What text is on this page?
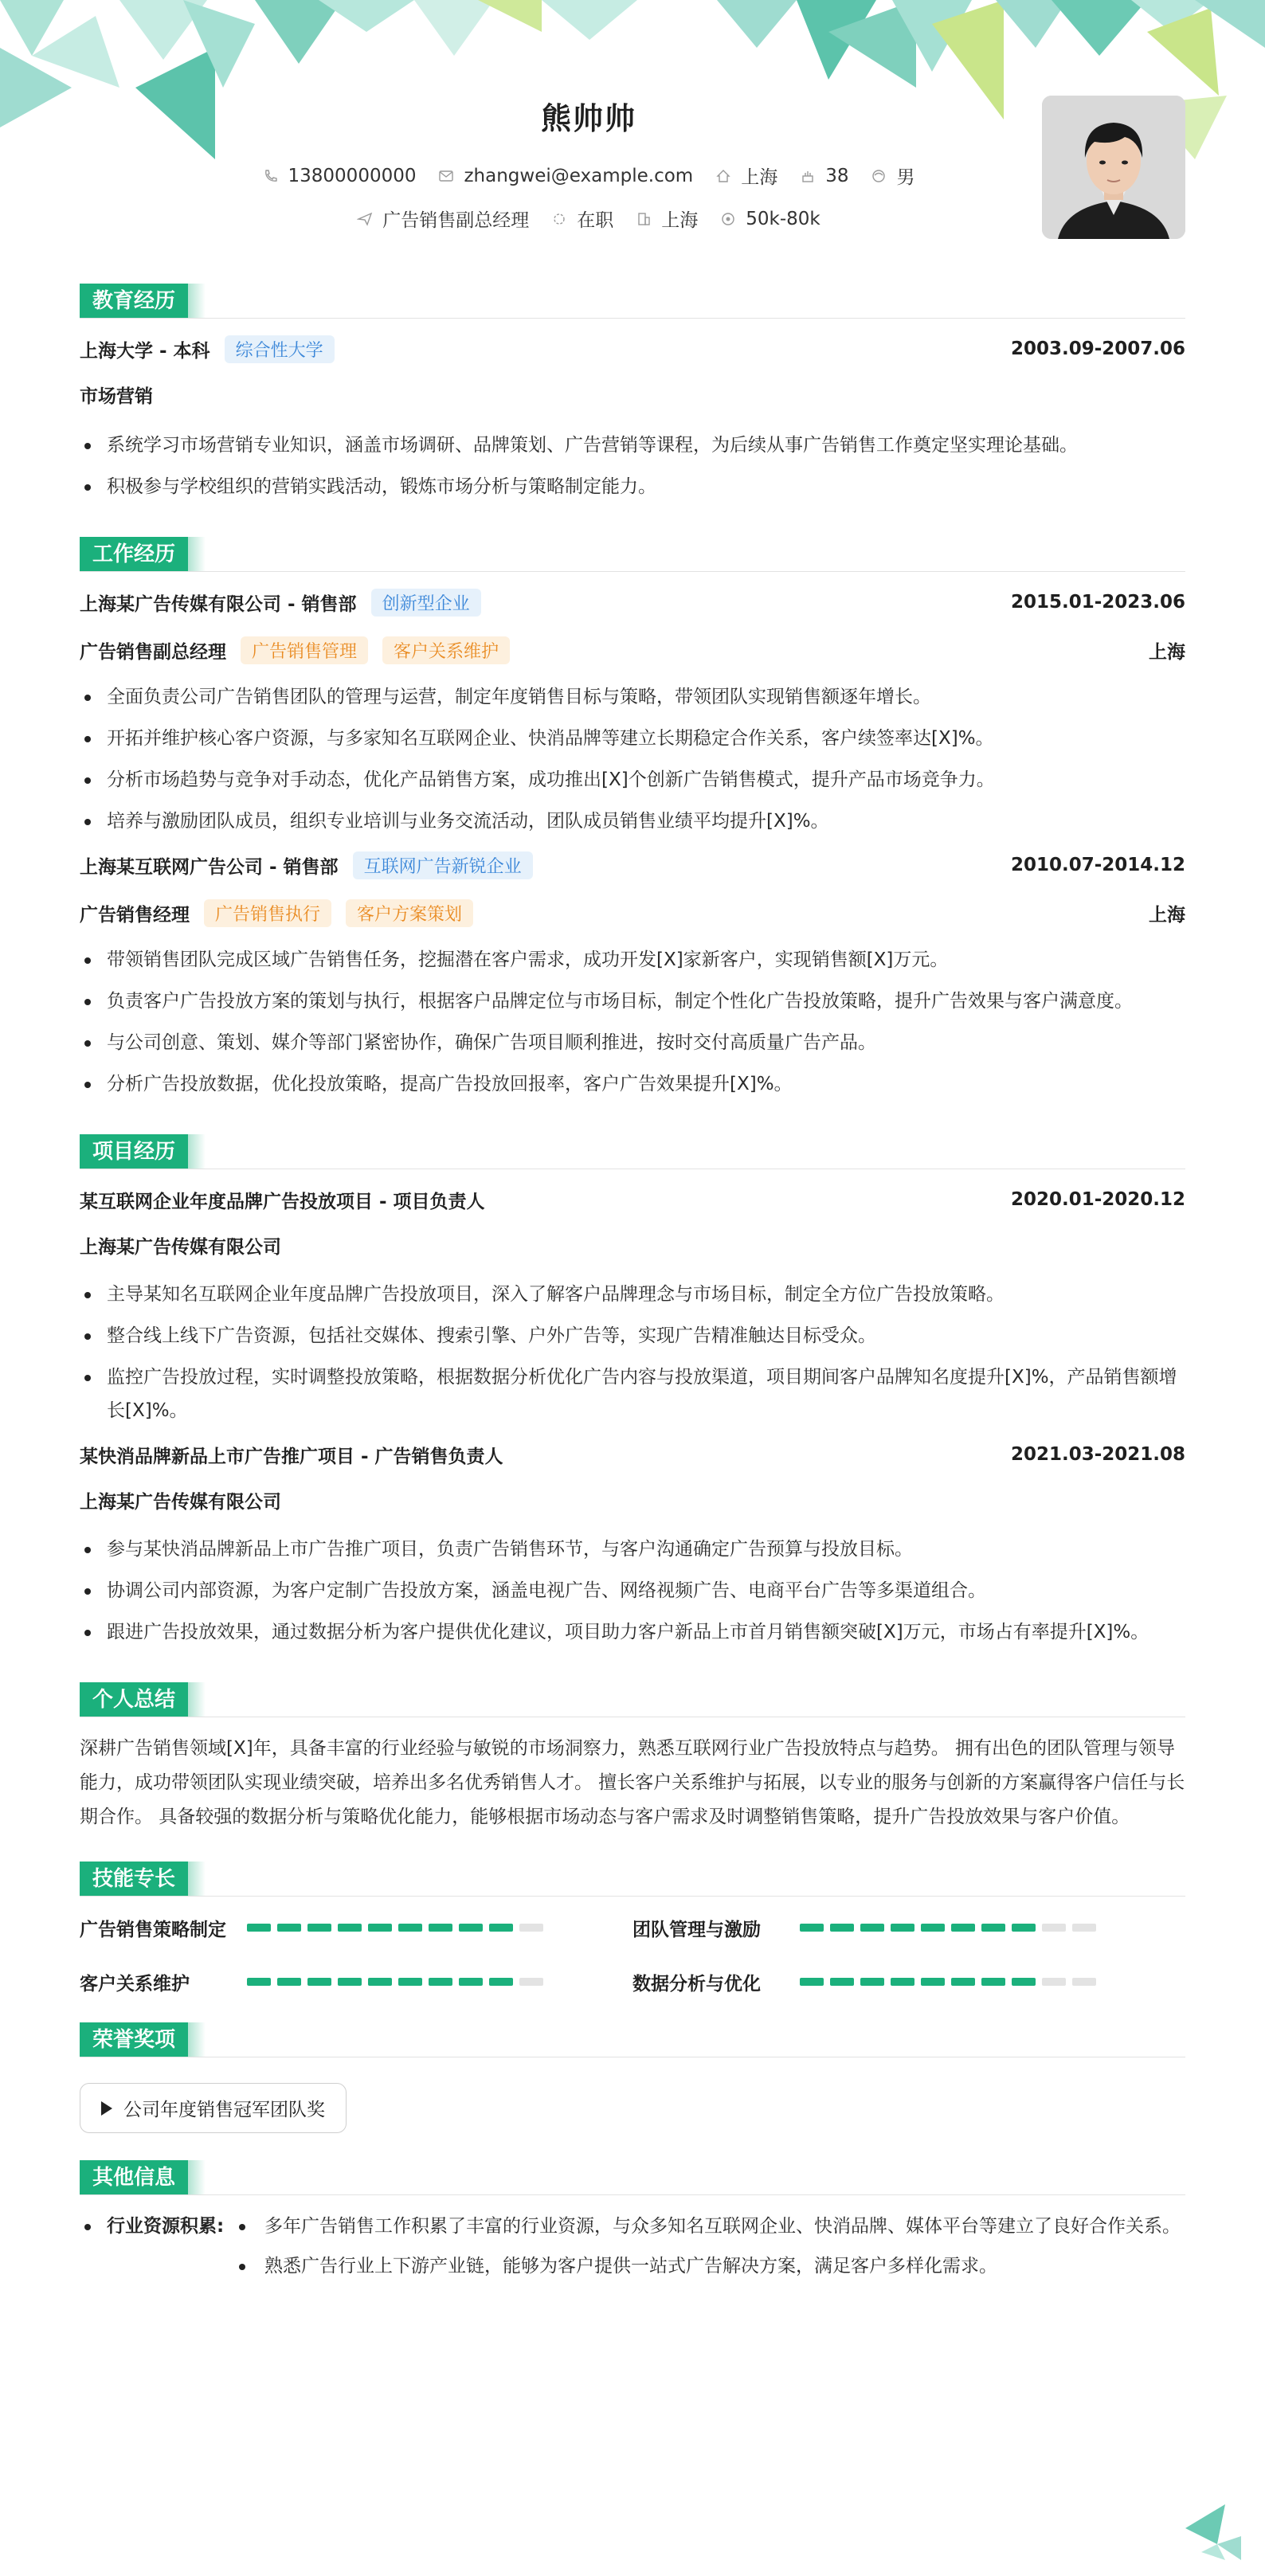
熊帅帅
13800000000	zhangwei@example.com	上海	38	男
广告销售副总经理	在职	上海	50k-80k
教育经历
上海大学 - 本科	综合性大学	2003.09-2007.06
市场营销
系统学习市场营销专业知识，涵盖市场调研、品牌策划、广告营销等课程，为后续从事广告销售工作奠定坚实理论基础。
积极参与学校组织的营销实践活动，锻炼市场分析与策略制定能力。
工作经历
上海某广告传媒有限公司 - 销售部	创新型企业	2015.01-2023.06
广告销售副总经理	广告销售管理	客户关系维护	上海
全面负责公司广告销售团队的管理与运营，制定年度销售目标与策略，带领团队实现销售额逐年增长。
开拓并维护核心客户资源，与多家知名互联网企业、快消品牌等建立长期稳定合作关系，客户续签率达[X]%。
分析市场趋势与竞争对手动态，优化产品销售方案，成功推出[X]个创新广告销售模式，提升产品市场竞争力。
培养与激励团队成员，组织专业培训与业务交流活动，团队成员销售业绩平均提升[X]%。
上海某互联网广告公司 - 销售部	互联网广告新锐企业	2010.07-2014.12
广告销售经理	广告销售执行	客户方案策划	上海
带领销售团队完成区域广告销售任务，挖掘潜在客户需求，成功开发[X]家新客户，实现销售额[X]万元。
负责客户广告投放方案的策划与执行，根据客户品牌定位与市场目标，制定个性化广告投放策略，提升广告效果与客户满意度。
与公司创意、策划、媒介等部门紧密协作，确保广告项目顺利推进，按时交付高质量广告产品。
分析广告投放数据，优化投放策略，提高广告投放回报率，客户广告效果提升[X]%。
项目经历
某互联网企业年度品牌广告投放项目 - 项目负责人	2020.01-2020.12
上海某广告传媒有限公司
主导某知名互联网企业年度品牌广告投放项目，深入了解客户品牌理念与市场目标，制定全方位广告投放策略。
整合线上线下广告资源，包括社交媒体、搜索引擎、户外广告等，实现广告精准触达目标受众。
监控广告投放过程，实时调整投放策略，根据数据分析优化广告内容与投放渠道，项目期间客户品牌知名度提升[X]%，产品销售额增长[X]%。
某快消品牌新品上市广告推广项目 - 广告销售负责人	2021.03-2021.08
上海某广告传媒有限公司
参与某快消品牌新品上市广告推广项目，负责广告销售环节，与客户沟通确定广告预算与投放目标。
协调公司内部资源，为客户定制广告投放方案，涵盖电视广告、网络视频广告、电商平台广告等多渠道组合。
跟进广告投放效果，通过数据分析为客户提供优化建议，项目助力客户新品上市首月销售额突破[X]万元，市场占有率提升[X]%。
个人总结
深耕广告销售领域[X]年，具备丰富的行业经验与敏锐的市场洞察力，熟悉互联网行业广告投放特点与趋势。 拥有出色的团队管理与领导能力，成功带领团队实现业绩突破，培养出多名优秀销售人才。 擅长客户关系维护与拓展，以专业的服务与创新的方案赢得客户信任与长期合作。 具备较强的数据分析与策略优化能力，能够根据市场动态与客户需求及时调整销售策略，提升广告投放效果与客户价值。
技能专长
广告销售策略制定	团队管理与激励
客户关系维护	数据分析与优化
荣誉奖项
公司年度销售冠军团队奖
其他信息
行业资源积累:	多年广告销售工作积累了丰富的行业资源，与众多知名互联网企业、快消品牌、媒体平台等建立了良好合作关系。
熟悉广告行业上下游产业链，能够为客户提供一站式广告解决方案，满足客户多样化需求。
